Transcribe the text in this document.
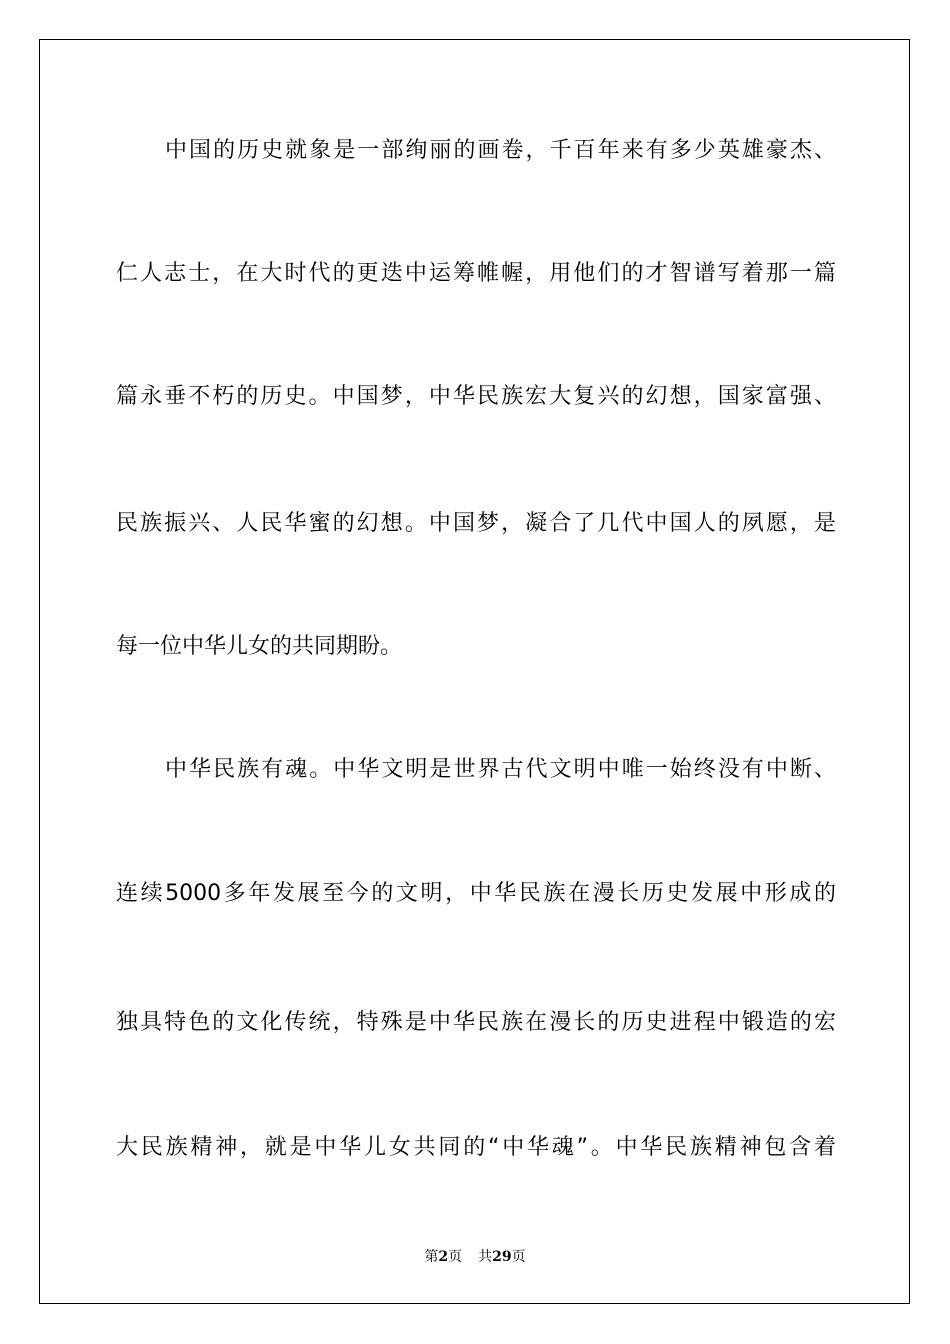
中国的历史就象是一部绚丽的画卷，千百年来有多少英雄豪杰、
仁人志士，在大时代的更迭中运筹帷幄，用他们的才智谱写着那一篇
篇永垂不朽的历史。中国梦，中华民族宏大复兴的幻想，国家富强、
民族振兴、人民华蜜的幻想。中国梦，凝合了几代中国人的夙愿，是
每一位中华儿女的共同期盼。
中华民族有魂。中华文明是世界古代文明中唯一始终没有中断、
连续5000多年发展至今的文明，中华民族在漫长历史发展中形成的
独具特色的文化传统，特殊是中华民族在漫长的历史进程中锻造的宏
大民族精神，就是中华儿女共同的“中华魂”。中华民族精神包含着
第2页 共29页
